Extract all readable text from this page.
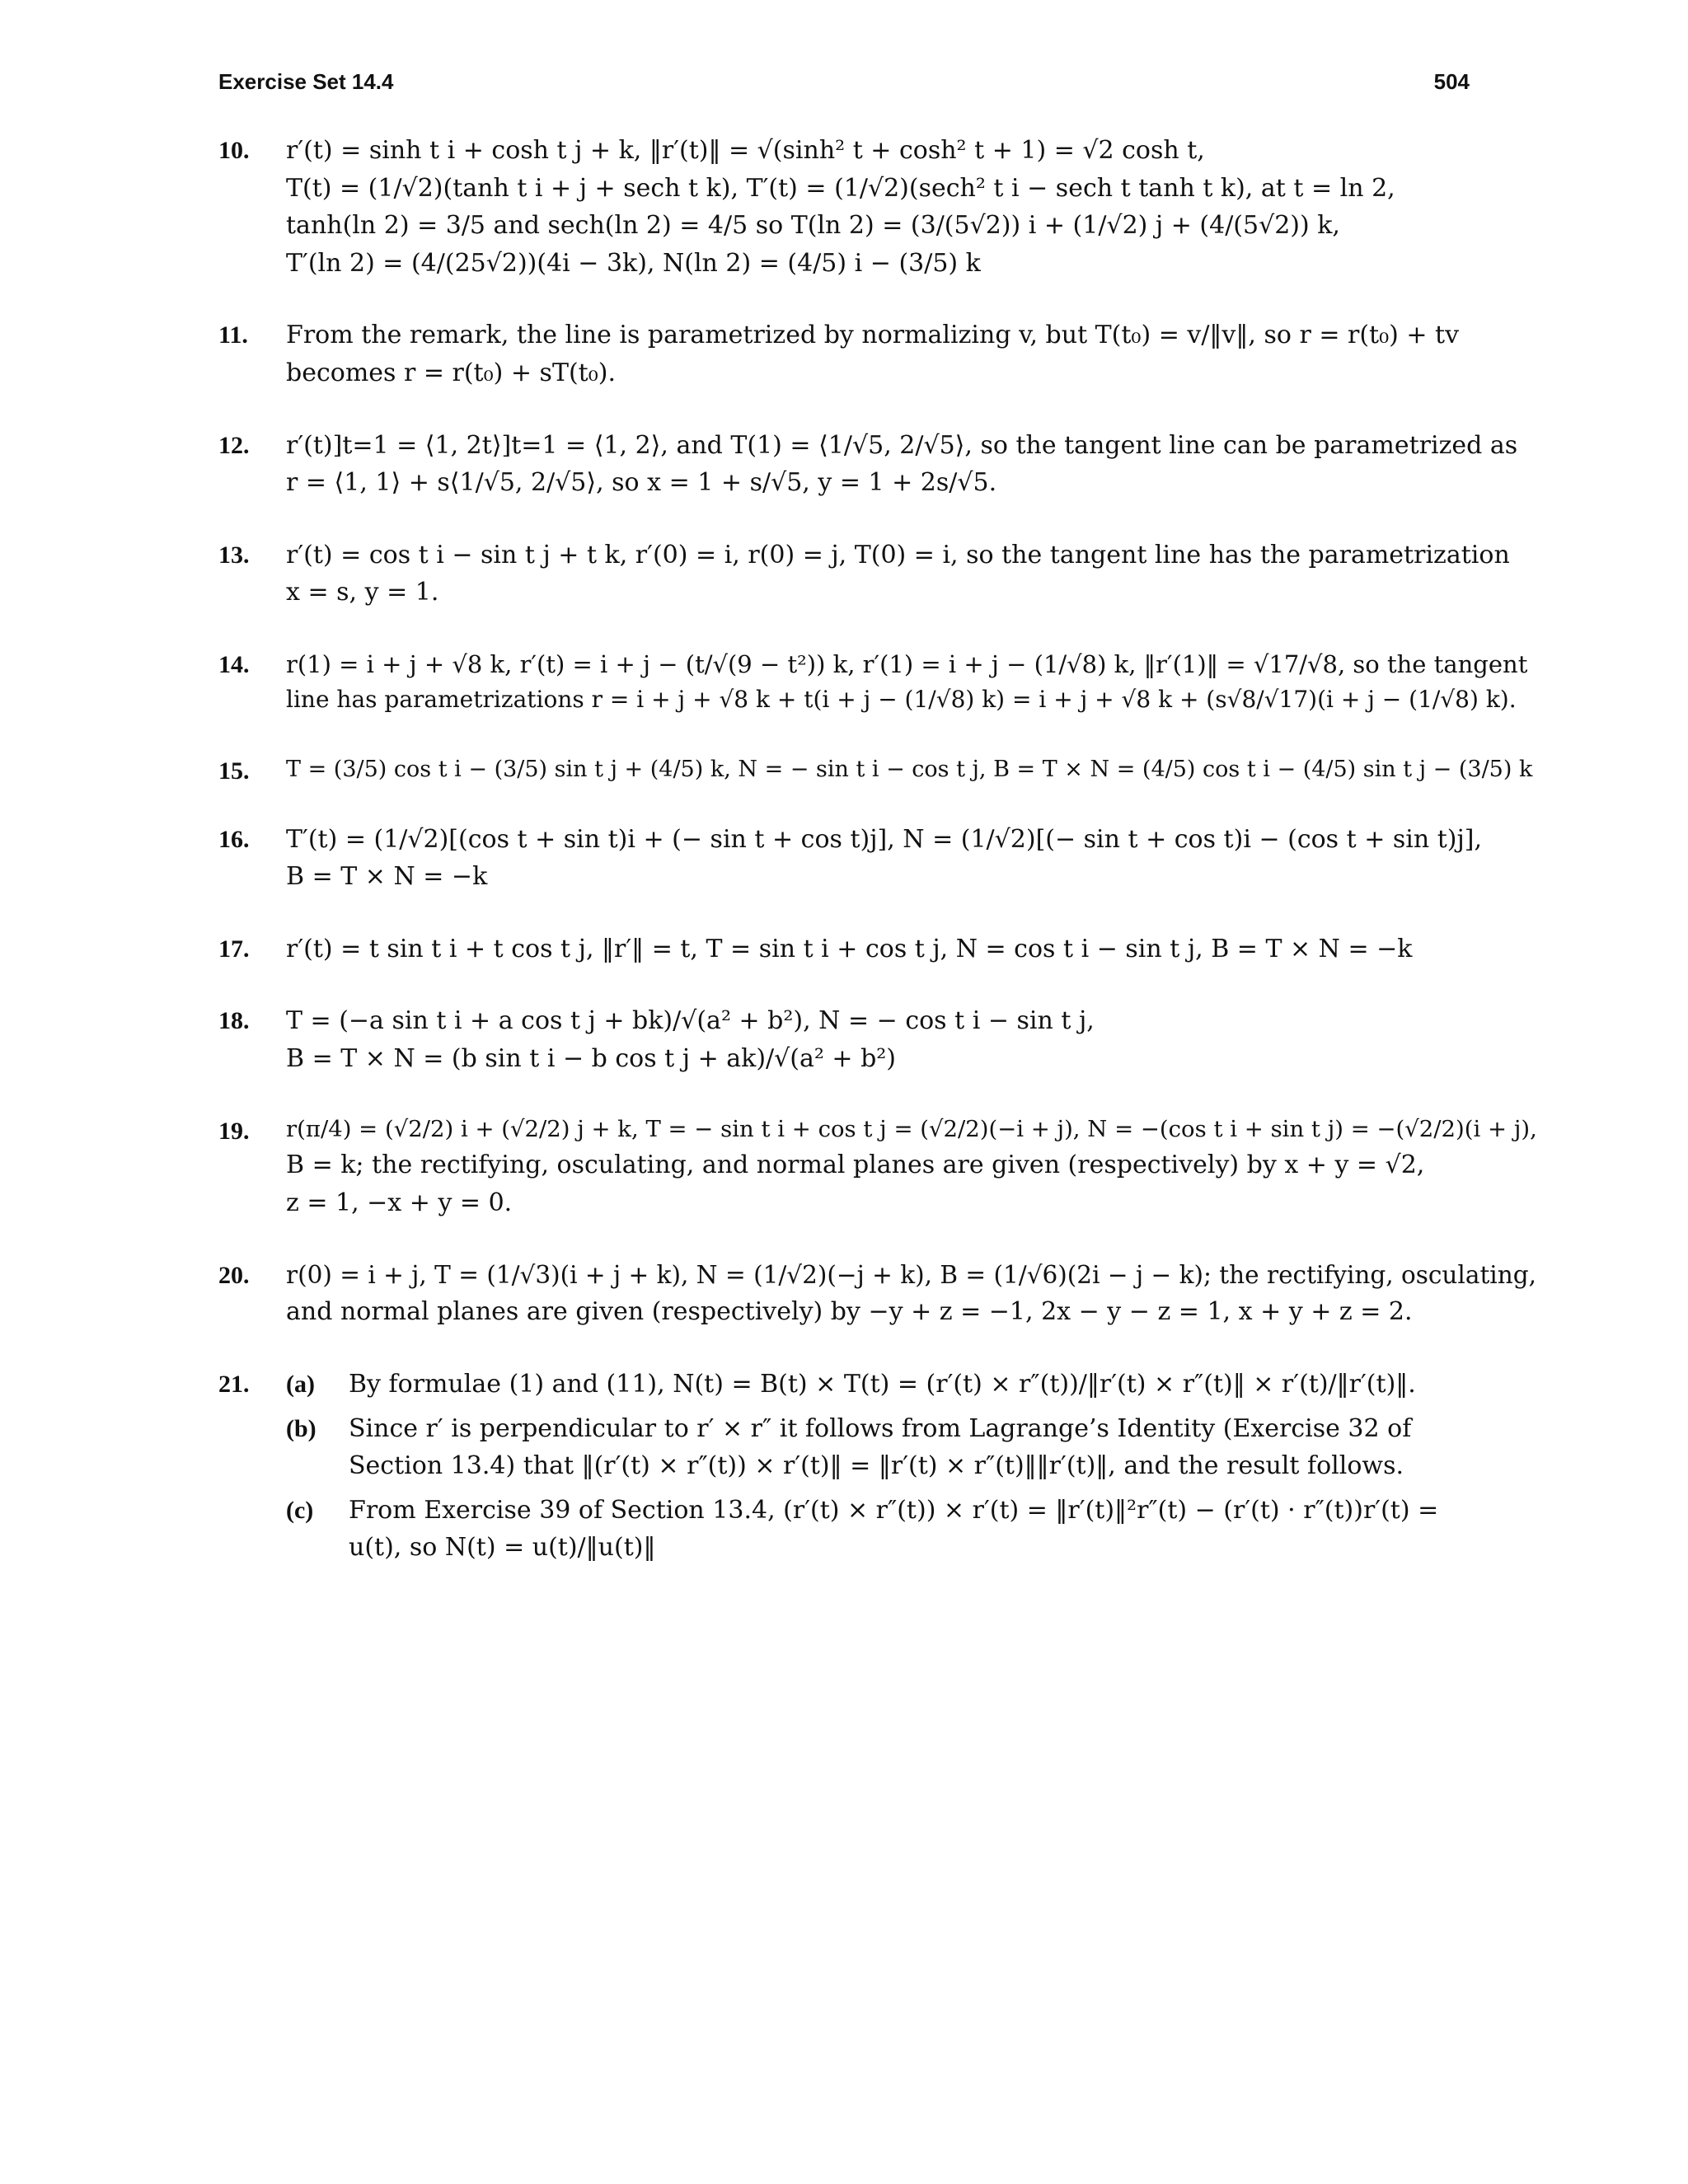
Exercise Set 14.4	504
10. r′(t) = sinh t i + cosh t j + k, ‖r′(t)‖ = √(sinh² t + cosh² t + 1) = √2 cosh t,
T(t) = (1/√2)(tanh t i + j + sech t k), T′(t) = (1/√2)(sech² t i − sech t tanh t k), at t = ln 2,
tanh(ln 2) = 3/5 and sech(ln 2) = 4/5 so T(ln 2) = (3/(5√2)) i + (1/√2) j + (4/(5√2)) k,
T′(ln 2) = (4/(25√2))(4i − 3k), N(ln 2) = (4/5) i − (3/5) k
11. From the remark, the line is parametrized by normalizing v, but T(t₀) = v/‖v‖, so r = r(t₀) + tv
becomes r = r(t₀) + sT(t₀).
12. r′(t)]t=1 = ⟨1, 2t⟩]t=1 = ⟨1, 2⟩, and T(1) = ⟨1/√5, 2/√5⟩, so the tangent line can be parametrized as
r = ⟨1, 1⟩ + s⟨1/√5, 2/√5⟩, so x = 1 + s/√5, y = 1 + 2s/√5.
13. r′(t) = cos t i − sin t j + t k, r′(0) = i, r(0) = j, T(0) = i, so the tangent line has the parametrization
x = s, y = 1.
14. r(1) = i + j + √8 k, r′(t) = i + j − (t/√(9 − t²)) k, r′(1) = i + j − (1/√8) k, ‖r′(1)‖ = √17/√8, so the tangent
line has parametrizations r = i + j + √8 k + t(i + j − (1/√8) k) = i + j + √8 k + (s√8/√17)(i + j − (1/√8) k).
15. T = (3/5) cos t i − (3/5) sin t j + (4/5) k, N = − sin t i − cos t j, B = T × N = (4/5) cos t i − (4/5) sin t j − (3/5) k
16. T′(t) = (1/√2)[(cos t + sin t)i + (− sin t + cos t)j], N = (1/√2)[(− sin t + cos t)i − (cos t + sin t)j],
B = T × N = −k
17. r′(t) = t sin t i + t cos t j, ‖r′‖ = t, T = sin t i + cos t j, N = cos t i − sin t j, B = T × N = −k
18. T = (−a sin t i + a cos t j + bk)/√(a² + b²), N = − cos t i − sin t j,
B = T × N = (b sin t i − b cos t j + ak)/√(a² + b²)
19. r(π/4) = (√2/2) i + (√2/2) j + k, T = − sin t i + cos t j = (√2/2)(−i + j), N = −(cos t i + sin t j) = −(√2/2)(i + j),
B = k; the rectifying, osculating, and normal planes are given (respectively) by x + y = √2,
z = 1, −x + y = 0.
20. r(0) = i + j, T = (1/√3)(i + j + k), N = (1/√2)(−j + k), B = (1/√6)(2i − j − k); the rectifying, osculating,
and normal planes are given (respectively) by −y + z = −1, 2x − y − z = 1, x + y + z = 2.
21. (a)	By formulae (1) and (11), N(t) = B(t) × T(t) = (r′(t) × r″(t))/‖r′(t) × r″(t)‖ × r′(t)/‖r′(t)‖.
(b)	Since r′ is perpendicular to r′ × r″ it follows from Lagrange’s Identity (Exercise 32 of Section 13.4) that ‖(r′(t) × r″(t)) × r′(t)‖ = ‖r′(t) × r″(t)‖‖r′(t)‖, and the result follows.
(c)	From Exercise 39 of Section 13.4, (r′(t) × r″(t)) × r′(t) = ‖r′(t)‖²r″(t) − (r′(t) · r″(t))r′(t) = u(t), so N(t) = u(t)/‖u(t)‖
